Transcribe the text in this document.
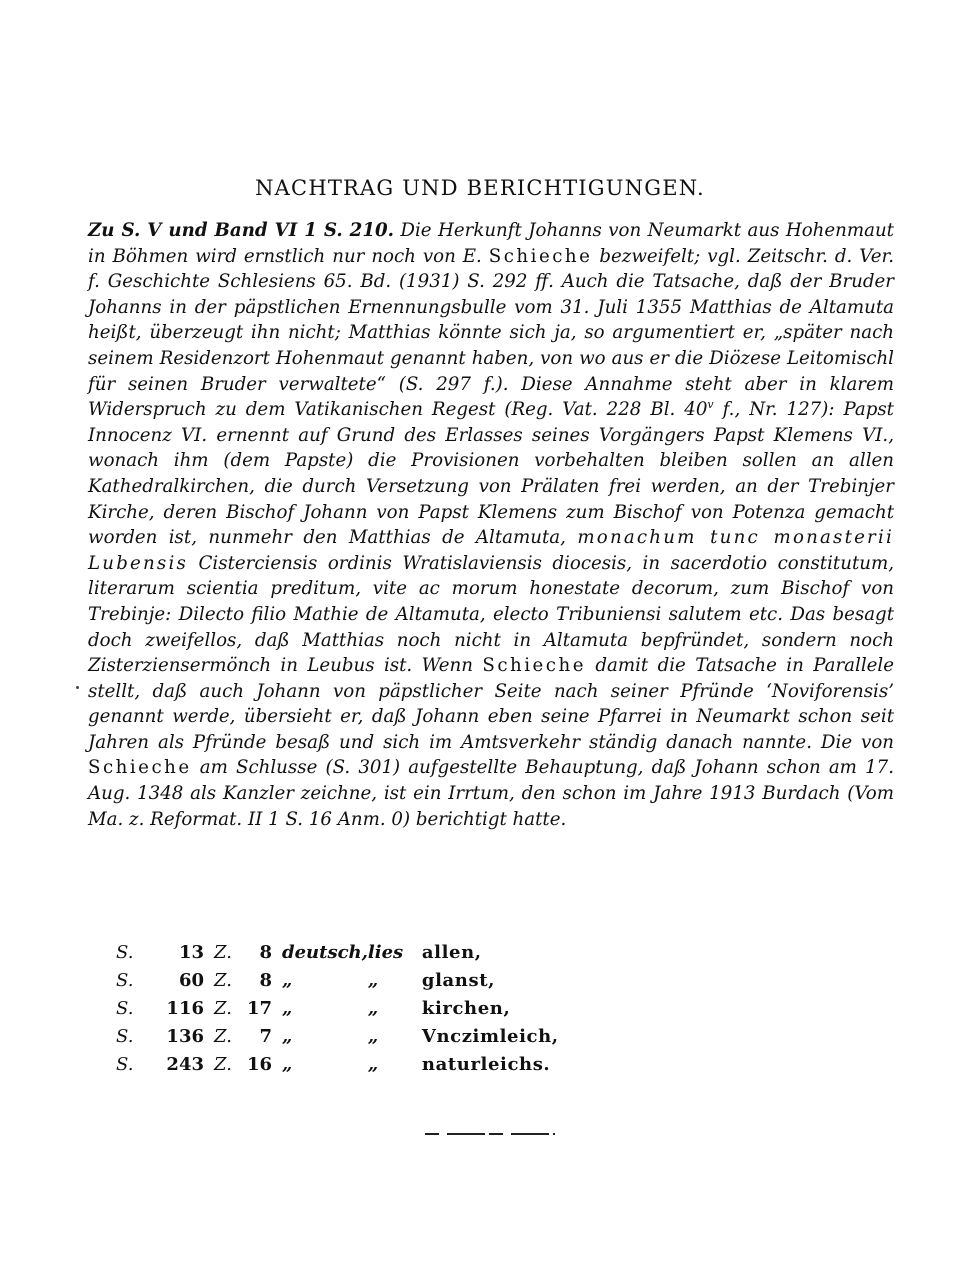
NACHTRAG UND BERICHTIGUNGEN.

Zu S. V und Band VI 1 S. 210. Die Herkunft Johanns von Neumarkt aus Hohenmaut in Böhmen wird ernstlich nur noch von E. Schieche bezweifelt; vgl. Zeitschr. d. Ver. f. Geschichte Schlesiens 65. Bd. (1931) S. 292 ff. Auch die Tatsache, daß der Bruder Johanns in der päpstlichen Ernennungsbulle vom 31. Juli 1355 Matthias de Altamuta heißt, überzeugt ihn nicht; Matthias könnte sich ja, so argumentiert er, „später nach seinem Residenzort Hohenmaut genannt haben, von wo aus er die Diözese Leitomischl für seinen Bruder verwaltete“ (S. 297 f.). Diese Annahme steht aber in klarem Widerspruch zu dem Vatikanischen Regest (Reg. Vat. 228 Bl. 40$^v$ f., Nr. 127): Papst Innocenz VI. ernennt auf Grund des Erlasses seines Vorgängers Papst Klemens VI., wonach ihm (dem Papste) die Provisionen vorbehalten bleiben sollen an allen Kathedralkirchen, die durch Versetzung von Prälaten frei werden, an der Trebinjer Kirche, deren Bischof Johann von Papst Klemens zum Bischof von Potenza gemacht worden ist, nunmehr den Matthias de Altamuta, monachum tunc monasterii Lubensis Cisterciensis ordinis Wratislaviensis diocesis, in sacerdotio constitutum, literarum scientia preditum, vite ac morum honestate decorum, zum Bischof von Trebinje: Dilecto filio Mathie de Altamuta, electo Tribuniensi salutem etc. Das besagt doch zweifellos, daß Matthias noch nicht in Altamuta bepfründet, sondern noch Zisterziensermönch in Leubus ist. Wenn Schieche damit die Tatsache in Parallele stellt, daß auch Johann von päpstlicher Seite nach seiner Pfründe ‘Noviforensis’ genannt werde, übersieht er, daß Johann eben seine Pfarrei in Neumarkt schon seit Jahren als Pfründe besaß und sich im Amtsverkehr ständig danach nannte. Die von Schieche am Schlusse (S. 301) aufgestellte Behauptung, daß Johann schon am 17. Aug. 1348 als Kanzler zeichne, ist ein Irrtum, den schon im Jahre 1913 Burdach (Vom Ma. z. Reformat. II 1 S. 16 Anm. 0) berichtigt hatte.

S.	13	Z.	8	deutsch,	lies	allen,
S.	60	Z.	8	„	„	glanst,
S.	116	Z.	17	„	„	kirchen,
S.	136	Z.	7	„	„	Vnczimleich,
S.	243	Z.	16	„	„	naturleichs.
